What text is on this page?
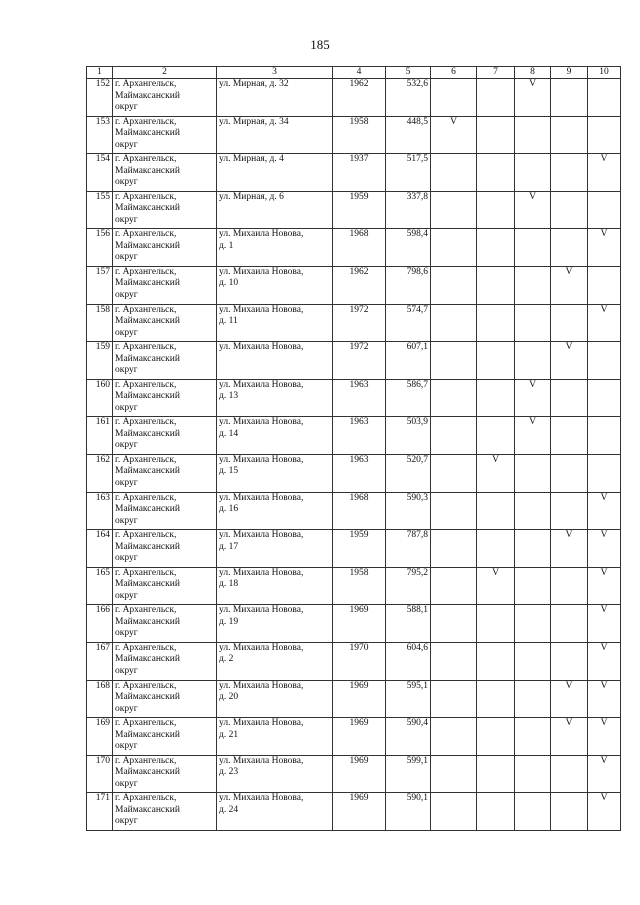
185
1	2	3	4	5	6	7	8	9	10
152	г. Архангельск,
Маймаксанский
округ	ул. Мирная, д. 32	1962	532,6			V		
153	г. Архангельск,
Маймаксанский
округ	ул. Мирная, д. 34	1958	448,5	V				
154	г. Архангельск,
Маймаксанский
округ	ул. Мирная, д. 4	1937	517,5					V
155	г. Архангельск,
Маймаксанский
округ	ул. Мирная, д. 6	1959	337,8			V		
156	г. Архангельск,
Маймаксанский
округ	ул. Михаила Новова,
д. 1	1968	598,4					V
157	г. Архангельск,
Маймаксанский
округ	ул. Михаила Новова,
д. 10	1962	798,6				V	
158	г. Архангельск,
Маймаксанский
округ	ул. Михаила Новова,
д. 11	1972	574,7					V
159	г. Архангельск,
Маймаксанский
округ	ул. Михаила Новова,	1972	607,1				V	
160	г. Архангельск,
Маймаксанский
округ	ул. Михаила Новова,
д. 13	1963	586,7			V		
161	г. Архангельск,
Маймаксанский
округ	ул. Михаила Новова,
д. 14	1963	503,9			V		
162	г. Архангельск,
Маймаксанский
округ	ул. Михаила Новова,
д. 15	1963	520,7		V			
163	г. Архангельск,
Маймаксанский
округ	ул. Михаила Новова,
д. 16	1968	590,3					V
164	г. Архангельск,
Маймаксанский
округ	ул. Михаила Новова,
д. 17	1959	787,8				V	V
165	г. Архангельск,
Маймаксанский
округ	ул. Михаила Новова,
д. 18	1958	795,2		V			V
166	г. Архангельск,
Маймаксанский
округ	ул. Михаила Новова,
д. 19	1969	588,1					V
167	г. Архангельск,
Маймаксанский
округ	ул. Михаила Новова,
д. 2	1970	604,6					V
168	г. Архангельск,
Маймаксанский
округ	ул. Михаила Новова,
д. 20	1969	595,1				V	V
169	г. Архангельск,
Маймаксанский
округ	ул. Михаила Новова,
д. 21	1969	590,4				V	V
170	г. Архангельск,
Маймаксанский
округ	ул. Михаила Новова,
д. 23	1969	599,1					V
171	г. Архангельск,
Маймаксанский
округ	ул. Михаила Новова,
д. 24	1969	590,1					V
